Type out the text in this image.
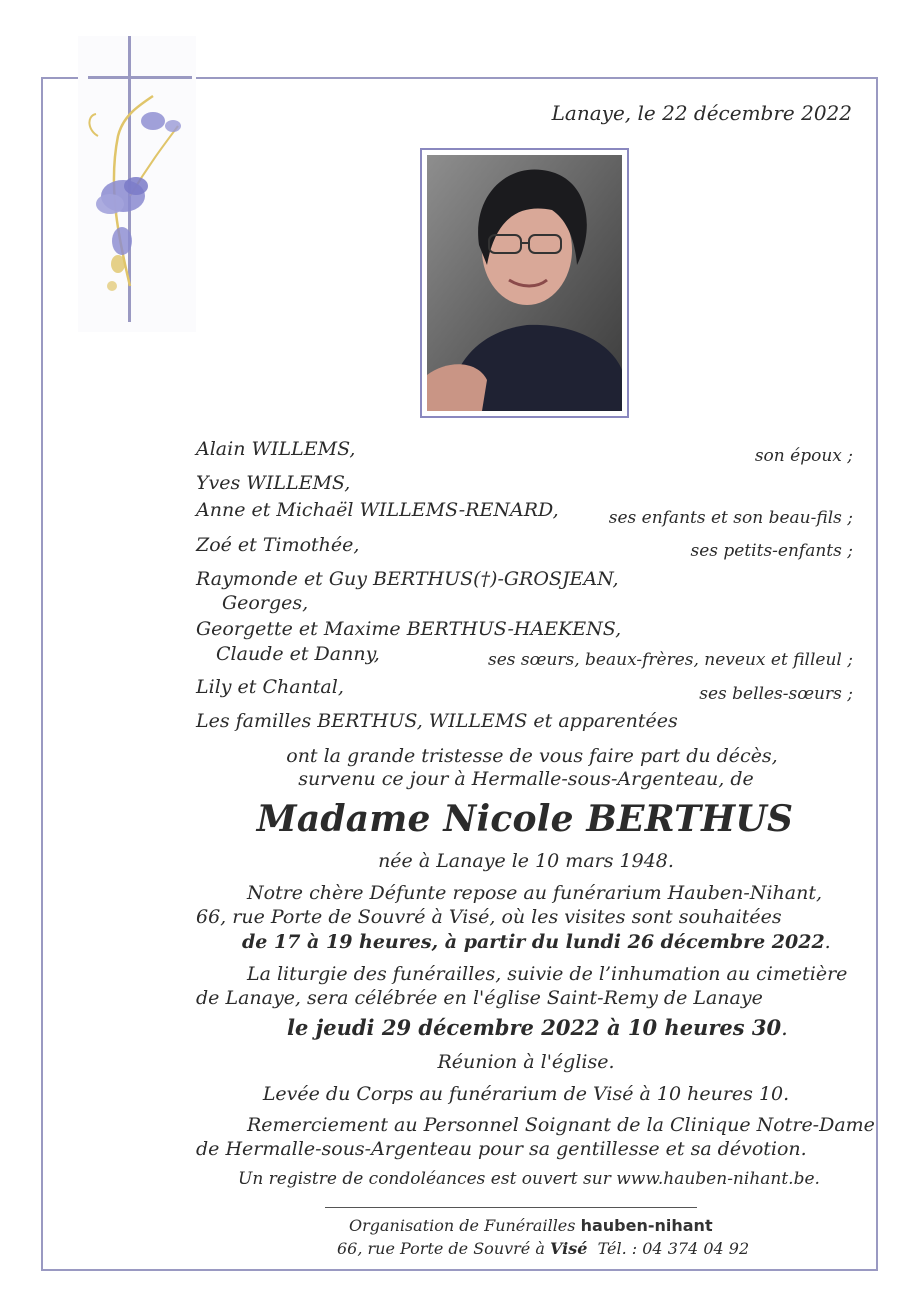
Lanaye, le 22 décembre 2022
Alain WILLEMS,	son époux ;
Yves WILLEMS,
Anne et Michaël WILLEMS-RENARD,	ses enfants et son beau-fils ;
Zoé et Timothée,	ses petits-enfants ;
Raymonde et Guy BERTHUS(†)-GROSJEAN,
Georges,
Georgette et Maxime BERTHUS-HAEKENS,
Claude et Danny,	ses sœurs, beaux-frères, neveux et filleul ;
Lily et Chantal,	ses belles-sœurs ;
Les familles BERTHUS, WILLEMS et apparentées
ont la grande tristesse de vous faire part du décès,
survenu ce jour à Hermalle-sous-Argenteau, de
Madame Nicole BERTHUS
née à Lanaye le 10 mars 1948.
Notre chère Défunte repose au funérarium Hauben-Nihant,
66, rue Porte de Souvré à Visé, où les visites sont souhaitées
de 17 à 19 heures, à partir du lundi 26 décembre 2022.
La liturgie des funérailles, suivie de l’inhumation au cimetière
de Lanaye, sera célébrée en l'église Saint-Remy de Lanaye
le jeudi 29 décembre 2022 à 10 heures 30.
Réunion à l'église.
Levée du Corps au funérarium de Visé à 10 heures 10.
Remerciement au Personnel Soignant de la Clinique Notre-Dame
de Hermalle-sous-Argenteau pour sa gentillesse et sa dévotion.
Un registre de condoléances est ouvert sur www.hauben-nihant.be.
Organisation de Funérailles hauben-nihant
66, rue Porte de Souvré à Visé Tél. : 04 374 04 92
